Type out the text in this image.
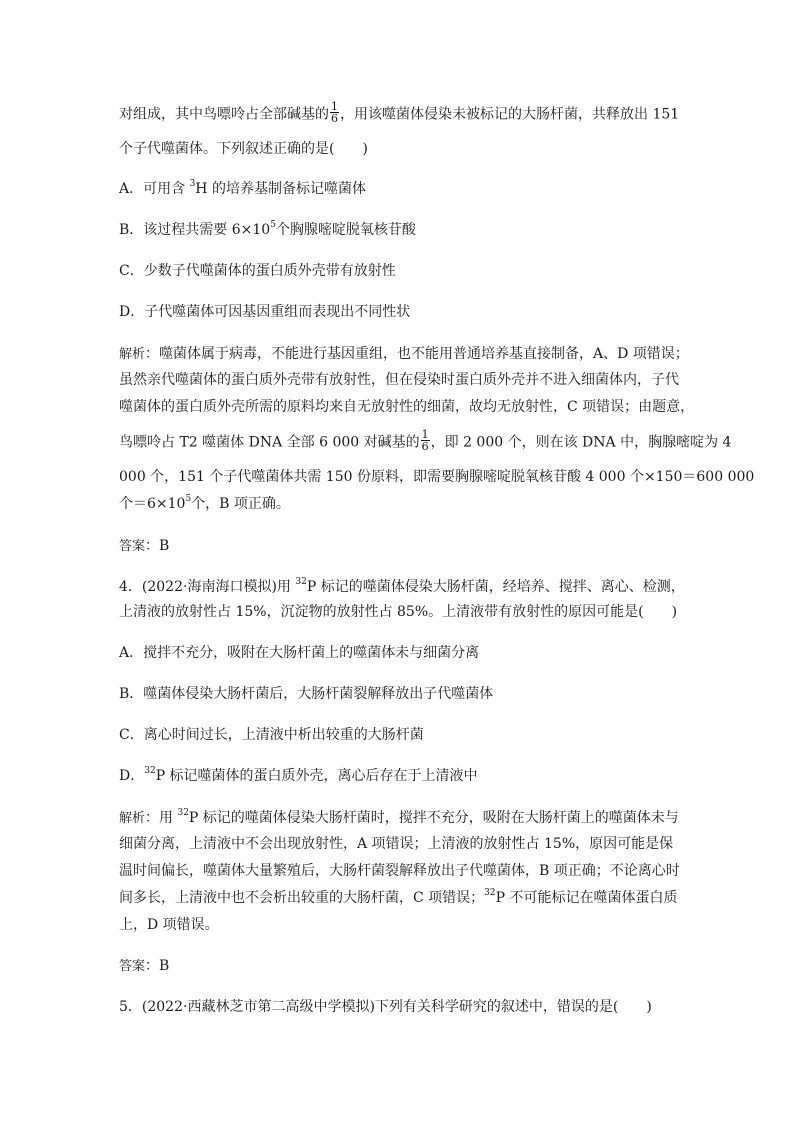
对组成，其中鸟嘌呤占全部碱基的 $\frac{1}{6}$ ，用该噬菌体侵染未被标记的大肠杆菌，共释放出 151
个子代噬菌体。下列叙述正确的是(　　)
A．可用含 $^3$H 的培养基制备标记噬菌体
B．该过程共需要 $6\times 10^5$个胸腺嘧啶脱氧核苷酸
C．少数子代噬菌体的蛋白质外壳带有放射性
D．子代噬菌体可因基因重组而表现出不同性状
解析：噬菌体属于病毒，不能进行基因重组，也不能用普通培养基直接制备，A、D 项错误；
虽然亲代噬菌体的蛋白质外壳带有放射性，但在侵染时蛋白质外壳并不进入细菌体内，子代
噬菌体的蛋白质外壳所需的原料均来自无放射性的细菌，故均无放射性，C 项错误；由题意，
鸟嘌呤占 T2 噬菌体 DNA 全部 6 000 对碱基的 $\frac{1}{6}$ ，即 2 000 个，则在该 DNA 中，胸腺嘧啶为 4
000 个，151 个子代噬菌体共需 150 份原料，即需要胸腺嘧啶脱氧核苷酸 4 000 个×150＝600 000
个$=6\times 10^5$个，B 项正确。
答案：B
4．(2022·海南海口模拟)用 $^{32}$P 标记的噬菌体侵染大肠杆菌，经培养、搅拌、离心、检测，
上清液的放射性占 15%，沉淀物的放射性占 85%。上清液带有放射性的原因可能是(　　)
A．搅拌不充分，吸附在大肠杆菌上的噬菌体未与细菌分离
B．噬菌体侵染大肠杆菌后，大肠杆菌裂解释放出子代噬菌体
C．离心时间过长，上清液中析出较重的大肠杆菌
D．$^{32}$P 标记噬菌体的蛋白质外壳，离心后存在于上清液中
解析：用 $^{32}$P 标记的噬菌体侵染大肠杆菌时，搅拌不充分，吸附在大肠杆菌上的噬菌体未与
细菌分离，上清液中不会出现放射性，A 项错误；上清液的放射性占 15%，原因可能是保
温时间偏长，噬菌体大量繁殖后，大肠杆菌裂解释放出子代噬菌体，B 项正确；不论离心时
间多长，上清液中也不会析出较重的大肠杆菌，C 项错误；$^{32}$P 不可能标记在噬菌体蛋白质
上，D 项错误。
答案：B
5．(2022·西藏林芝市第二高级中学模拟)下列有关科学研究的叙述中，错误的是(　　)
